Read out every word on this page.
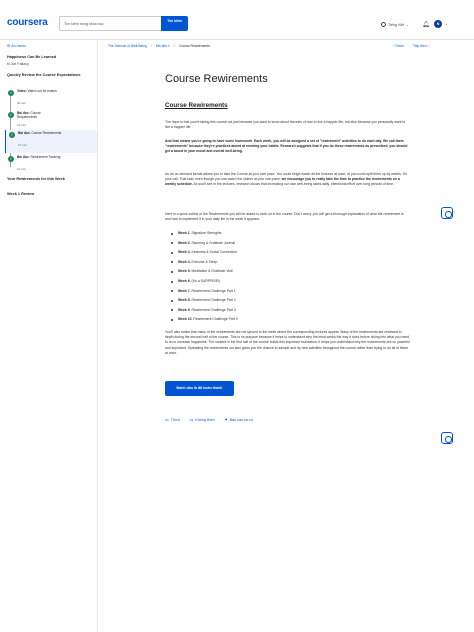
coursera	Tìm kiếm trong khóa học
Tìm kiếm
Tiếng Việt ⌄ 🔔︎	N	⌄
☰ Ẩn menu
Happiness Can Be Learned
til Joe Fallacy
Quickly Review the Course Expectations
✓	Video: Watch out for exams
30 sec
✓	Bài đọc: Course Requirements
10 min
✓	Bài đọc: Course Rewirements
10 min
✓	Bài đọc: Rewirement Tracking
10 min
Your Rewirements for this Week
Week 1 Review
The Science of Well-Being › Mô-đun 1 › Course Rewirements	‹ Trước	Tiếp theo ›
Course Rewirements
Course Rewirements
The hope is that you're taking this course not just because you want to know about theories of how to live a happier life, but also because you personally want to live a happier life.
And that means you're going to have some homework. Each week, you will be assigned a set of "rewirement" activities to do each day. We call them "rewirements" because they're practices aimed at rewiring your habits. Research suggests that if you do these rewirements as prescribed, you should get a boost in your mood and overall well-being.
As an on-demand format allows you to take the Course at your own pace. You could binge-watch all the lectures at once, or you could split them up by weeks. It's your call. That said, even though you can watch the videos at your own pace, we encourage you to really take the time to practice the rewirements on a weekly schedule. As you'll see in the lectures, research shows that increasing our own well-being takes daily, intentional effort over long periods of time.
Here is a quick outline of the Rewirements you will be asked to work on in the course. Don't worry, you will get a thorough explanation of what the rewirement is and how to implement it in your daily life in the week it appears.
Week 1. Signature Strengths
Week 2. Savoring & Gratitude Journal
Week 3. Kindness & Social Connection
Week 4. Exercise & Sleep
Week 5. Meditation & Gratitude Visit
Week 6. (It's a SURPRISE!)
Week 7. Rewirement Challenge Part 1
Week 8. Rewirement Challenge Part 2
Week 9. Rewirement Challenge Part 3
Week 10. Rewirement Challenge Part 4
You'll also notice that many of the rewirements are not synced to the week where the corresponding lectures appear. Many of the rewirements are reviewed in depth during the second half of the course. This is on purpose because it helps to understand why the mind works the way it does before diving into what you need to do to increase happiness. The content in the first half of the course builds this important foundation; it helps you understand why the rewirements are so powerful and important. Spreading the rewirements out also gives you the chance to sample and try new activities throughout the course rather than trying to do all of these at once.
Đánh dấu là đã hoàn thành
👍︎ Thích	👎︎ Không thích	⚑ Báo cáo sự cố
